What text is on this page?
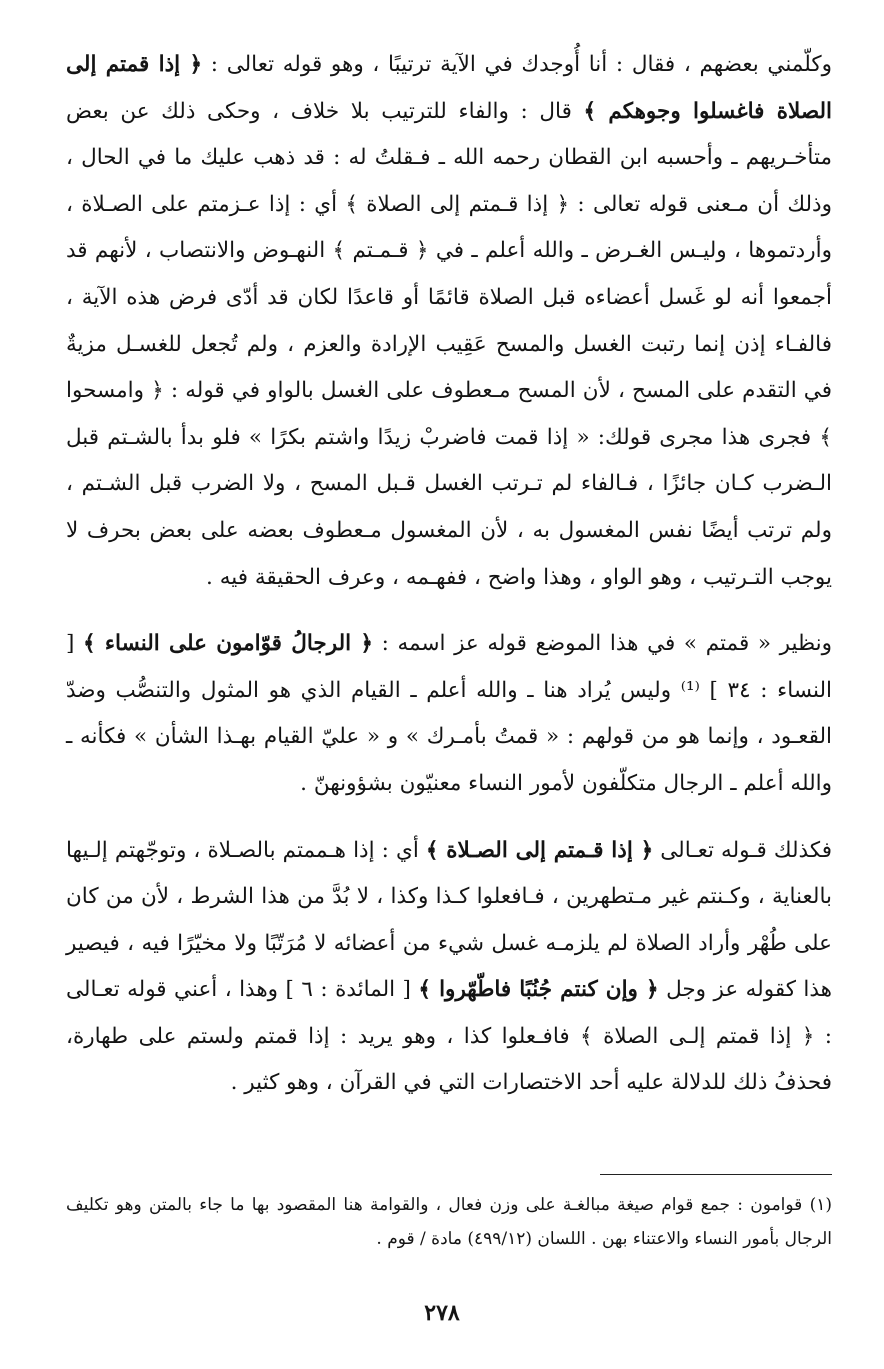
وكلّمني بعضهم ، فقال : أنا أُوجدك في الآية ترتيبًا ، وهو قوله تعالى : ﴿ إذا قمتم إلى الصلاة فاغسلوا وجوهكم ﴾ قال : والفاء للترتيب بلا خلاف ، وحكى ذلك عن بعض متأخـريهم ـ وأحسبه ابن القطان رحمه الله ـ فـقلتُ له : قد ذهب عليك ما في الحال ، وذلك أن مـعنى قوله تعالى : ﴿ إذا قـمتم إلى الصلاة ﴾ أي : إذا عـزمتم على الصـلاة ، وأردتموها ، وليـس الغـرض ـ والله أعلم ـ في ﴿ قـمـتم ﴾ النهـوض والانتصاب ، لأنهم قد أجمعوا أنه لو غَسل أعضاءه قبل الصلاة قائمًا أو قاعدًا لكان قد أدّى فرض هذه الآية ، فالفـاء إذن إنما رتبت الغسل والمسح عَقِيب الإرادة والعزم ، ولم تُجعل للغسـل مزيةٌ في التقدم على المسح ، لأن المسح مـعطوف على الغسل بالواو في قوله : ﴿ وامسحوا ﴾ فجرى هذا مجرى قولك: « إذا قمت فاضربْ زيدًا واشتم بكرًا » فلو بدأ بالشـتم قبل الـضرب كـان جائزًا ، فـالفاء لم تـرتب الغسل قـبل المسح ، ولا الضرب قبل الشـتم ، ولم ترتب أيضًا نفس المغسول به ، لأن المغسول مـعطوف بعضه على بعض بحرف لا يوجب التـرتيب ، وهو الواو ، وهذا واضح ، ففهـمه ، وعرف الحقيقة فيه .

ونظير « قمتم » في هذا الموضع قوله عز اسمه : ﴿ الرجالُ قوّامون على النساء ﴾ [ النساء : ٣٤ ] ⁽¹⁾ وليس يُراد هنا ـ والله أعلم ـ القيام الذي هو المثول والتنصُّب وضدّ القعـود ، وإنما هو من قولهم : « قمتُ بأمـرك » و « عليّ القيام بهـذا الشأن » فكأنه ـ والله أعلم ـ الرجال متكلّفون لأمور النساء معنيّون بشؤونهنّ .

فكذلك قـوله تعـالى ﴿ إذا قـمتم إلى الصـلاة ﴾ أي : إذا هـممتم بالصـلاة ، وتوجّهتم إلـيها بالعناية ، وكـنتم غير مـتطهرين ، فـافعلوا كـذا وكذا ، لا بُدَّ من هذا الشرط ، لأن من كان على طُهْر وأراد الصلاة لم يلزمـه غسل شيء من أعضائه لا مُرَتّبًا ولا مخيّرًا فيه ، فيصير هذا كقوله عز وجل ﴿ وإن كنتم جُنُبًا فاطّهّروا ﴾ [ المائدة : ٦ ] وهذا ، أعني قوله تعـالى : ﴿ إذا قمتم إلـى الصلاة ﴾ فافـعلوا كذا ، وهو يريد : إذا قمتم ولستم على طهارة، فحذفُ ذلك للدلالة عليه أحد الاختصارات التي في القرآن ، وهو كثير .

(١) قوامون : جمع قوام صيغة مبالغـة على وزن فعال ، والقوامة هنا المقصود بها ما جاء بالمتن وهو تكليف الرجال بأمور النساء والاعتناء بهن . اللسان (٤٩٩/١٢) مادة / قوم .

٢٧٨
